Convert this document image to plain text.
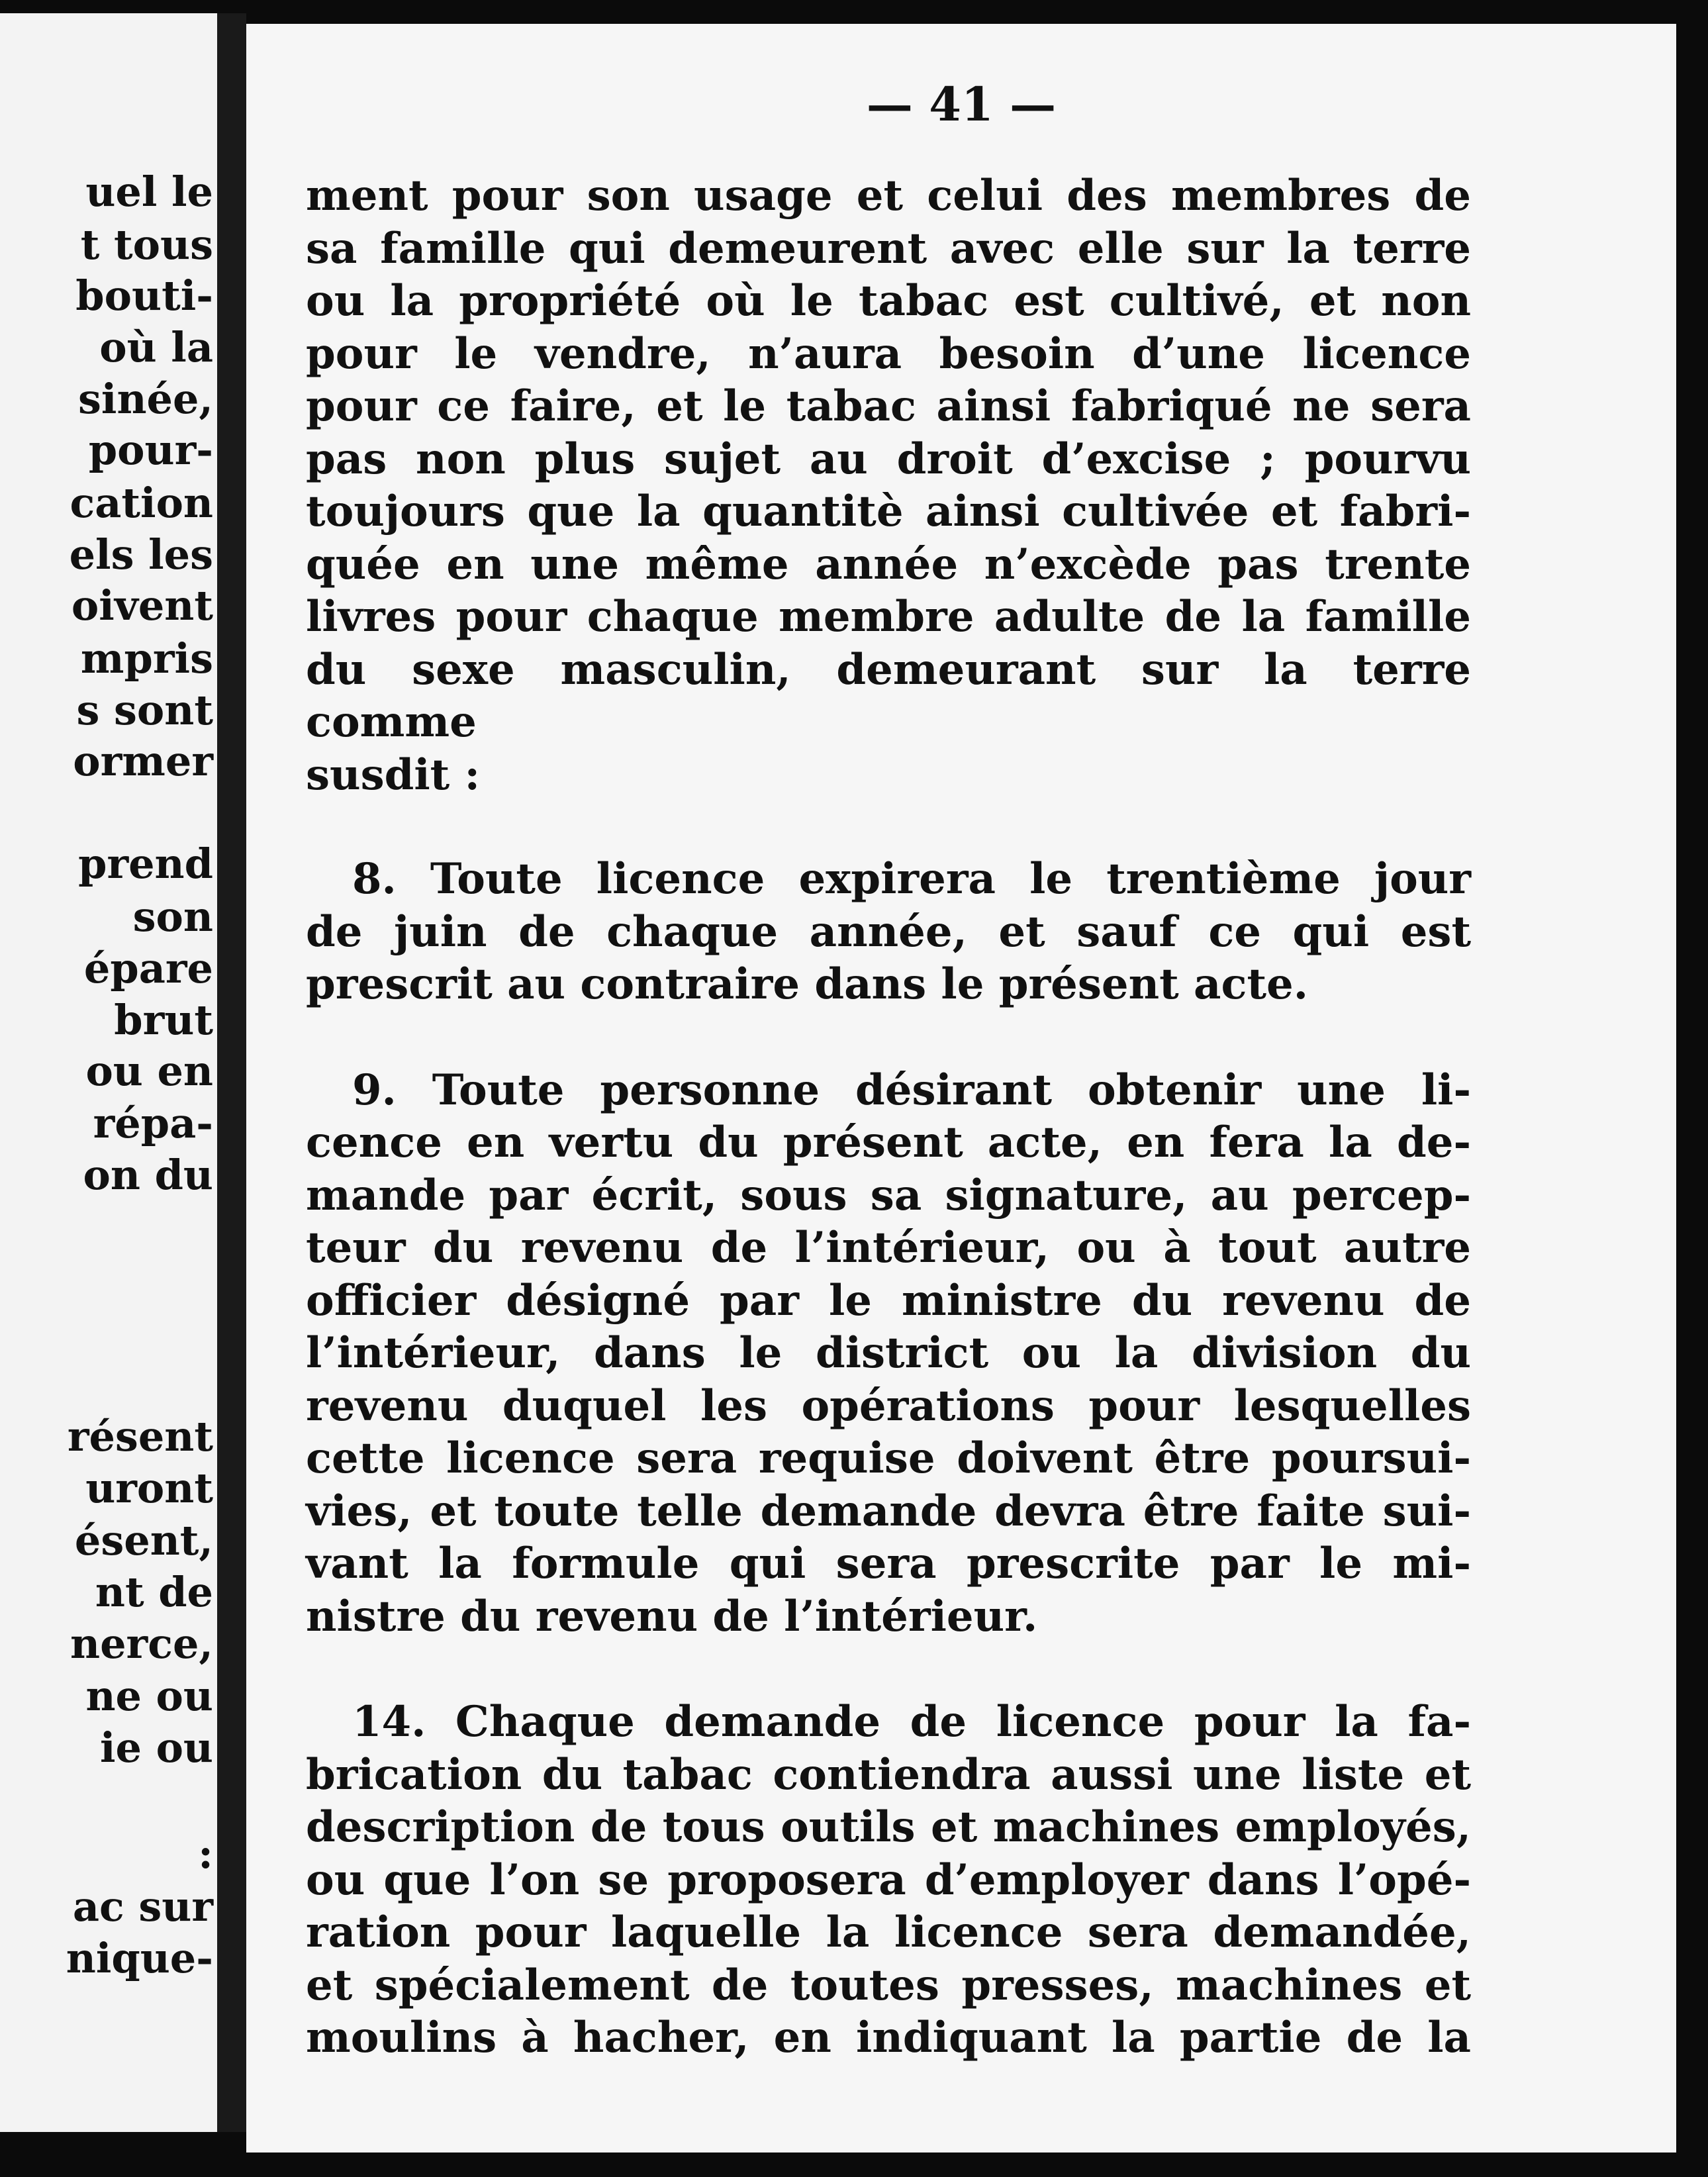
uel le
t tous
bouti-
où la
sinée,
pour-
cation
els les
oivent
mpris
s sont
ormer
prend
son
épare
brut
ou en
répa-
on du
résent
uront
ésent,
nt de
nerce,
ne ou
ie ou
:
ac sur
nique-
— 41 —

ment pour son usage et celui des membres de

sa famille qui demeurent avec elle sur la terre

ou la propriété où le tabac est cultivé, et non

pour le vendre, n’aura besoin d’une licence

pour ce faire, et le tabac ainsi fabriqué ne sera

pas non plus sujet au droit d’excise ; pourvu

toujours que la quantitè ainsi cultivée et fabri-

quée en une même année n’excède pas trente

livres pour chaque membre adulte de la famille

du sexe masculin, demeurant sur la terre comme

susdit :

8. Toute licence expirera le trentième jour

de juin de chaque année, et sauf ce qui est

prescrit au contraire dans le présent acte.

9. Toute personne désirant obtenir une li-

cence en vertu du présent acte, en fera la de-

mande par écrit, sous sa signature, au percep-

teur du revenu de l’intérieur, ou à tout autre

officier désigné par le ministre du revenu de

l’intérieur, dans le district ou la division du

revenu duquel les opérations pour lesquelles

cette licence sera requise doivent être poursui-

vies, et toute telle demande devra être faite sui-

vant la formule qui sera prescrite par le mi-

nistre du revenu de l’intérieur.

14. Chaque demande de licence pour la fa-

brication du tabac contiendra aussi une liste et

description de tous outils et machines employés,

ou que l’on se proposera d’employer dans l’opé-

ration pour laquelle la licence sera demandée,

et spécialement de toutes presses, machines et

moulins à hacher, en indiquant la partie de la
